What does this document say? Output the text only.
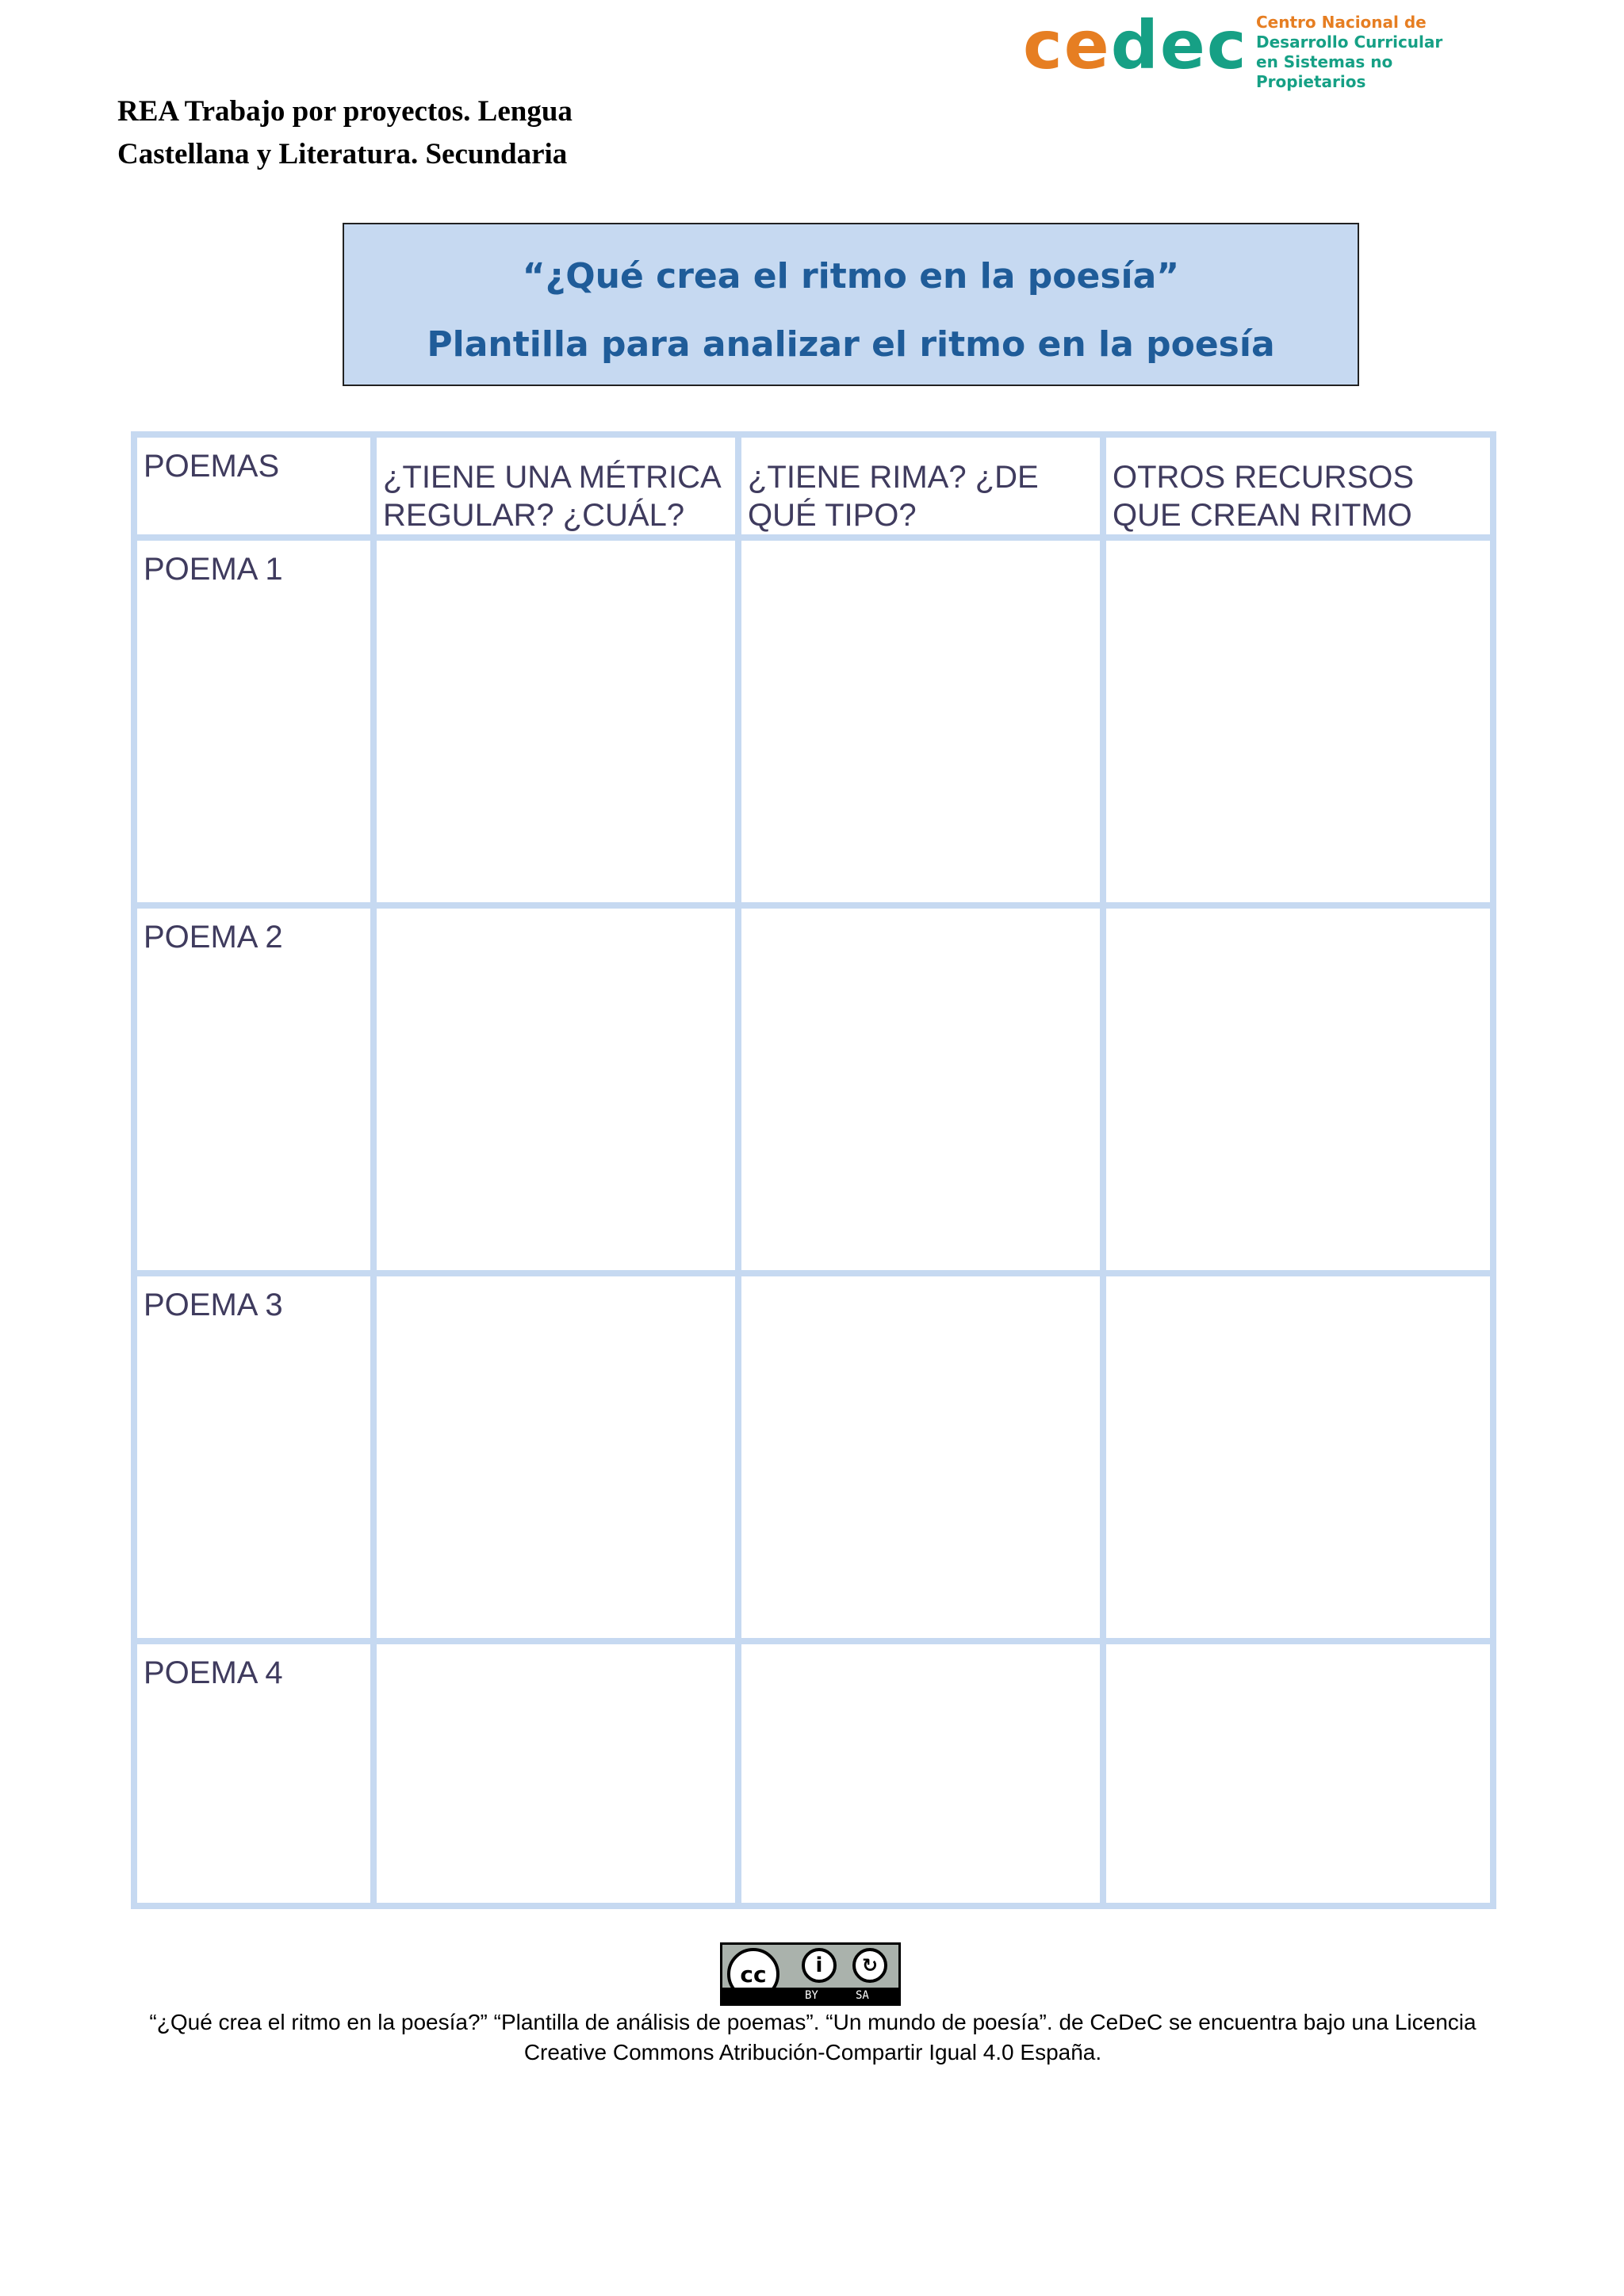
cedec Centro Nacional de
Desarrollo Curricular
en Sistemas no Propietarios
REA Trabajo por proyectos. Lengua
Castellana y Literatura. Secundaria
“¿Qué crea el ritmo en la poesía”
Plantilla para analizar el ritmo en la poesía
POEMAS	¿TIENE UNA MÉTRICA REGULAR? ¿CUÁL?	¿TIENE RIMA? ¿DE QUÉ TIPO?	OTROS RECURSOS QUE CREAN RITMO

POEMA 1			

POEMA 2			

POEMA 3			

POEMA 4			

cc	i	↻
BY	SA
“¿Qué crea el ritmo en la poesía?” “Plantilla de análisis de poemas”. “Un mundo de poesía”. de CeDeC se encuentra bajo una Licencia
Creative Commons Atribución-Compartir Igual 4.0 España.
